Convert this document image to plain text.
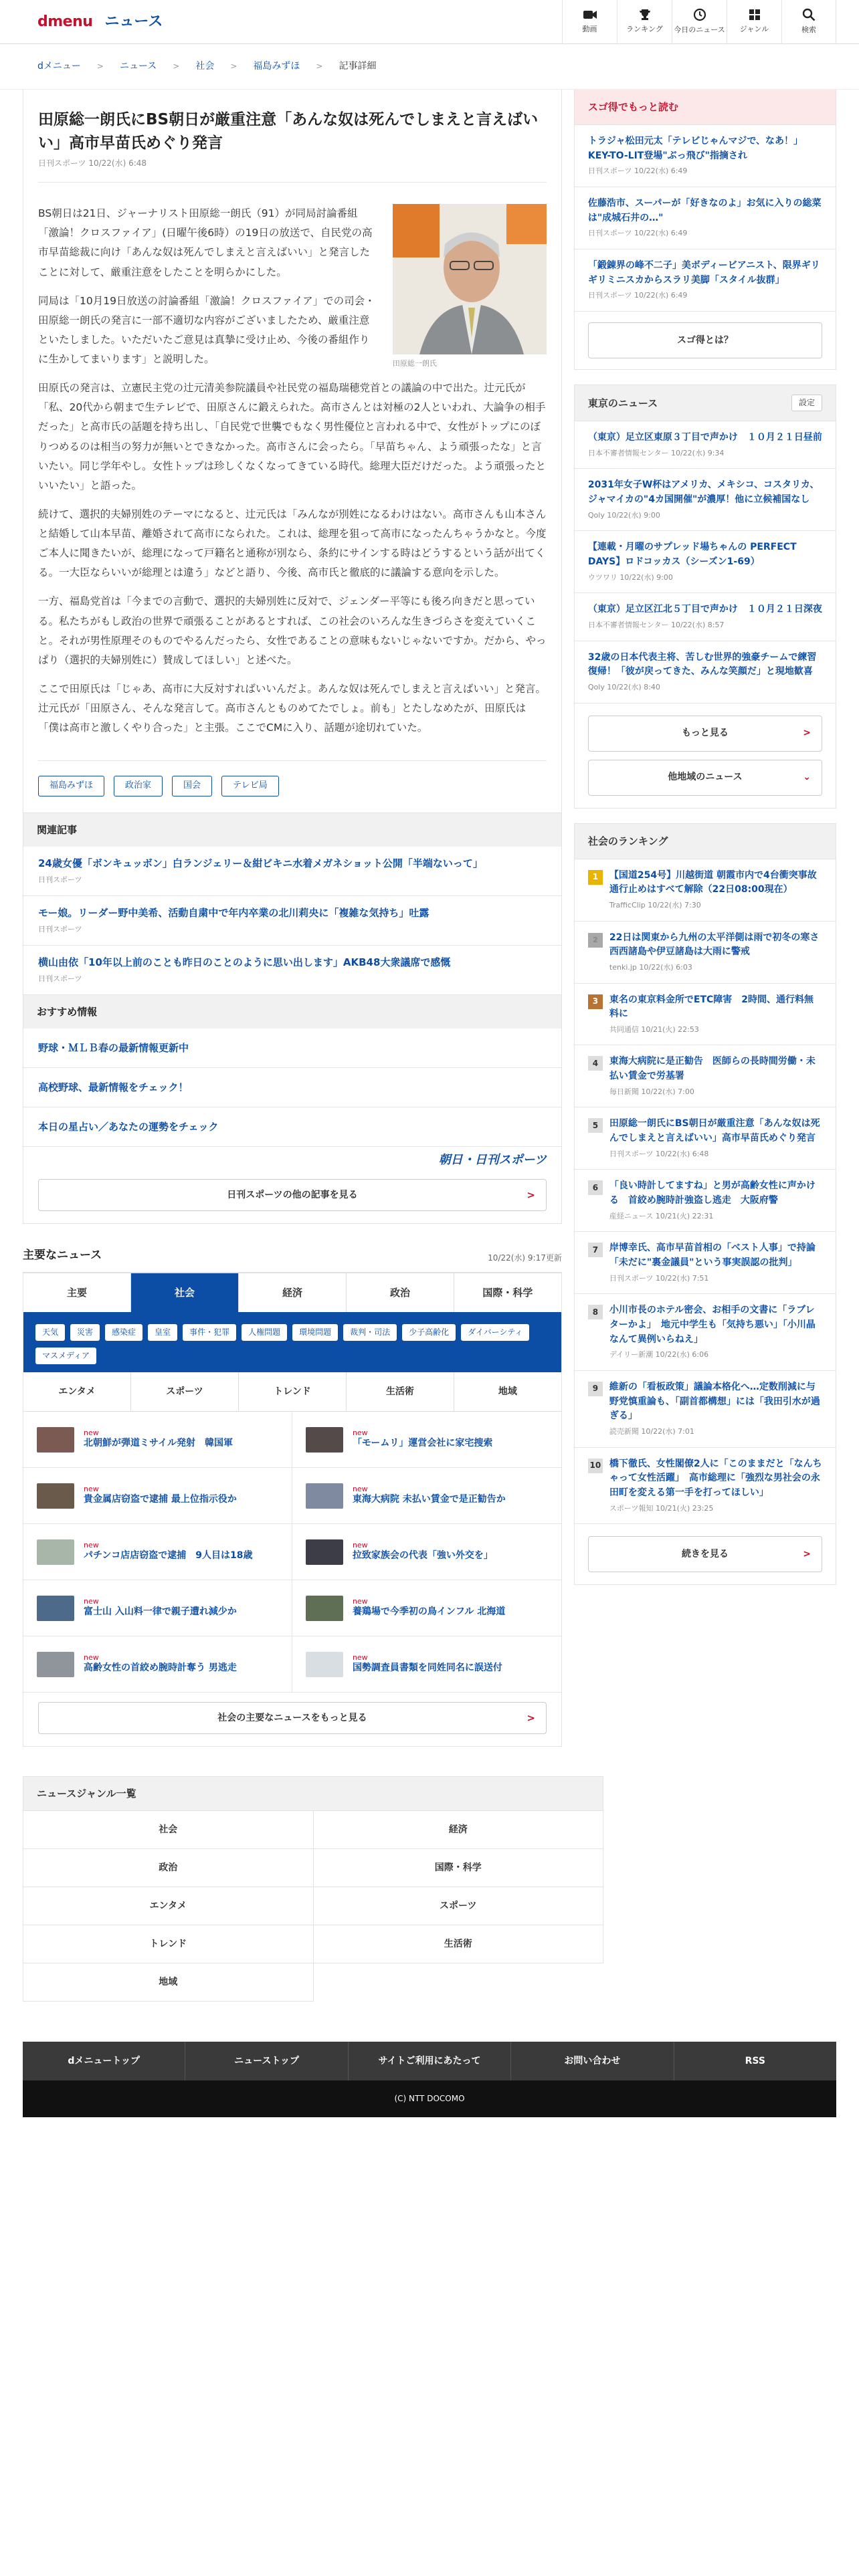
dmenu ニュース	動画	ランキング 今日のニュース ジャンル	検索
dメニュー > ニュース > 社会 > 福島みずほ > 記事詳細
田原総一朗氏にBS朝日が厳重注意「あんな奴は死んでしまえと言えばいい」高市早苗氏めぐり発言
日刊スポーツ 10/22(水) 6:48
田原総一朗氏

BS朝日は21日、ジャーナリスト田原総一朗氏（91）が同局討論番組「激論！クロスファイア」(日曜午後6時）の19日の放送で、自民党の高市早苗総裁に向け「あんな奴は死んでしまえと言えばいい」と発言したことに対して、厳重注意をしたことを明らかにした。

同局は「10月19日放送の討論番組「激論！クロスファイア」での司会・田原総一朗氏の発言に一部不適切な内容がございましたため、厳重注意といたしました。いただいたご意見は真摯に受け止め、今後の番組作りに生かしてまいります」と説明した。

田原氏の発言は、立憲民主党の辻元清美参院議員や社民党の福島瑞穂党首との議論の中で出た。辻元氏が「私、20代から朝まで生テレビで、田原さんに鍛えられた。高市さんとは対極の2人といわれ、大論争の相手だった」と高市氏の話題を持ち出し、「自民党で世襲でもなく男性優位と言われる中で、女性がトップにのぼりつめるのは相当の努力が無いとできなかった。高市さんに会ったら。「早苗ちゃん、よう頑張ったな」と言いたい。同じ学年やし。女性トップは珍しくなくなってきている時代。総理大臣だけだった。よう頑張ったといいたい」と語った。

続けて、選択的夫婦別姓のテーマになると、辻元氏は「みんなが別姓になるわけはない。高市さんも山本さんと結婚して山本早苗、離婚されて高市になられた。これは、総理を狙って高市になったんちゃうかなと。今度ご本人に聞きたいが、総理になって戸籍名と通称が別なら、条約にサインする時はどうするという話が出てくる。一大臣ならいいが総理とは違う」などと語り、今後、高市氏と徹底的に議論する意向を示した。

一方、福島党首は「今までの言動で、選択的夫婦別姓に反対で、ジェンダー平等にも後ろ向きだと思っている。私たちがもし政治の世界で頑張ることがあるとすれば、この社会のいろんな生きづらさを変えていくこと。それが男性原理そのものでやるんだったら、女性であることの意味もないじゃないですか。だから、やっぱり（選択的夫婦別姓に）賛成してほしい」と述べた。

ここで田原氏は「じゃあ、高市に大反対すればいいんだよ。あんな奴は死んでしまえと言えばいい」と発言。辻元氏が「田原さん、そんな発言して。高市さんとものめてたでしょ。前も」とたしなめたが、田原氏は「僕は高市と激しくやり合った」と主張。ここでCMに入り、話題が途切れていた。

福島みずほ	政治家	国会	テレビ局
関連記事
24歳女優「ボンキュッボン」白ランジェリー＆紺ビキニ水着メガネショット公開「半端ないって」
日刊スポーツ
モー娘。リーダー野中美希、活動自粛中で年内卒業の北川莉央に「複雑な気持ち」吐露
日刊スポーツ
横山由依「10年以上前のことも昨日のことのように思い出します」AKB48大衆議席で感慨
日刊スポーツ
おすすめ情報
野球・ＭＬＢ春の最新情報更新中
高校野球、最新情報をチェック！
本日の星占い／あなたの運勢をチェック
朝日・日刊スポーツ
日刊スポーツの他の記事を見る	>
主要なニュース	10/22(水) 9:17更新
主要	社会	経済	政治	国際・科学
天気	災害	感染症	皇室	事件・犯罪	人権問題	環境問題	裁判・司法	少子高齢化	ダイバーシティ
マスメディア
エンタメ	スポーツ	トレンド	生活術	地域
new
北朝鮮が弾道ミサイル発射　韓国軍
new
「モームリ」運営会社に家宅捜索
new
貴金属店窃盗で逮捕 最上位指示役か
new
東海大病院 未払い賃金で是正勧告か
new
パチンコ店店窃盗で逮捕　9人目は18歳
new
拉致家族会の代表「強い外交を」
new
富士山 入山料一律で親子遭れ減少か
new
養鶏場で今季初の鳥インフル 北海道
new
高齢女性の首絞め腕時計奪う 男逃走
new
国勢調査員書類を同姓同名に誤送付
社会の主要なニュースをもっと見る	>
スゴ得でもっと読む
トラジャ松田元太「テレビじゃんマジで、なあ！」KEY-TO-LIT登場"ぶっ飛び"指摘され
日刊スポーツ 10/22(水) 6:49
佐藤浩市、スーパーが「好きなのよ」お気に入りの総菜は"成城石井の…"
日刊スポーツ 10/22(水) 6:49
「鍛錬界の峰不二子」美ボディービアニスト、限界ギリギリミニスカからスラリ美脚「スタイル抜群」
日刊スポーツ 10/22(水) 6:49
スゴ得とは？
東京のニュース	設定
（東京）足立区東原３丁目で声かけ　１０月２１日昼前
日本不審者情報センター 10/22(水) 9:34
2031年女子W杯はアメリカ、メキシコ、コスタリカ、ジャマイカの"4カ国開催"が濃厚！他に立候補国なし
Qoly 10/22(水) 9:00
【連載・月曜のサプレッド場ちゃんの PERFECT DAYS】ロドコッカス（シーズン1-69）
ウツワリ 10/22(水) 9:00
（東京）足立区江北５丁目で声かけ　１０月２１日深夜
日本不審者情報センター 10/22(水) 8:57
32歳の日本代表主将、苦しむ世界的強豪チームで練習復帰！「彼が戻ってきた、みんな笑顔だ」と現地歓喜
Qoly 10/22(水) 8:40
もっと見る	>
他地域のニュース	⌄
社会のランキング
1	【国道254号】川越街道 朝霞市内で4台衝突事故 通行止めはすべて解除（22日08:00現在）
TrafficClip 10/22(水) 7:30
2	22日は関東から九州の太平洋側は雨で初冬の寒さ　西西諸島や伊豆諸島は大雨に警戒
tenki.jp 10/22(水) 6:03
3	東名の東京料金所でETC障害　2時間、通行料無料に
共同通信 10/21(火) 22:53
4	東海大病院に是正勧告　医師らの長時間労働・未払い賃金で労基署
毎日新聞 10/22(水) 7:00
5	田原総一朗氏にBS朝日が厳重注意「あんな奴は死んでしまえと言えばいい」高市早苗氏めぐり発言
日刊スポーツ 10/22(水) 6:48
6	「良い時計してますね」と男が高齢女性に声かける　首絞め腕時計強盗し逃走　大阪府警
産経ニュース 10/21(火) 22:31
7	岸博幸氏、高市早苗首相の「ベスト人事」で持論「未だに"裏金議員"という事実誤認の批判」
日刊スポーツ 10/22(水) 7:51
8	小川市長のホテル密会、お相手の文書に「ラブレターかよ」　地元中学生も「気持ち悪い」「小川晶なんて異例いらねえ」
デイリー新潮 10/22(水) 6:06
9	維新の「看板政策」議論本格化へ…定数削減に与野党慎重論も、「副首都構想」には「我田引水が過ぎる」
読売新聞 10/22(水) 7:01
10 橋下徹氏、女性閣僚2人に「このままだと「なんちゃって女性活躍」　高市総理に「強烈な男社会の永田町を変える第一手を打ってほしい」
スポーツ報知 10/21(火) 23:25
続きを見る	>
ニュースジャンル一覧
社会	経済
政治	国際・科学
エンタメ	スポーツ
トレンド	生活術
地域
dメニュートップ	ニューストップ	サイトご利用にあたって	お問い合わせ	RSS
(C) NTT DOCOMO
